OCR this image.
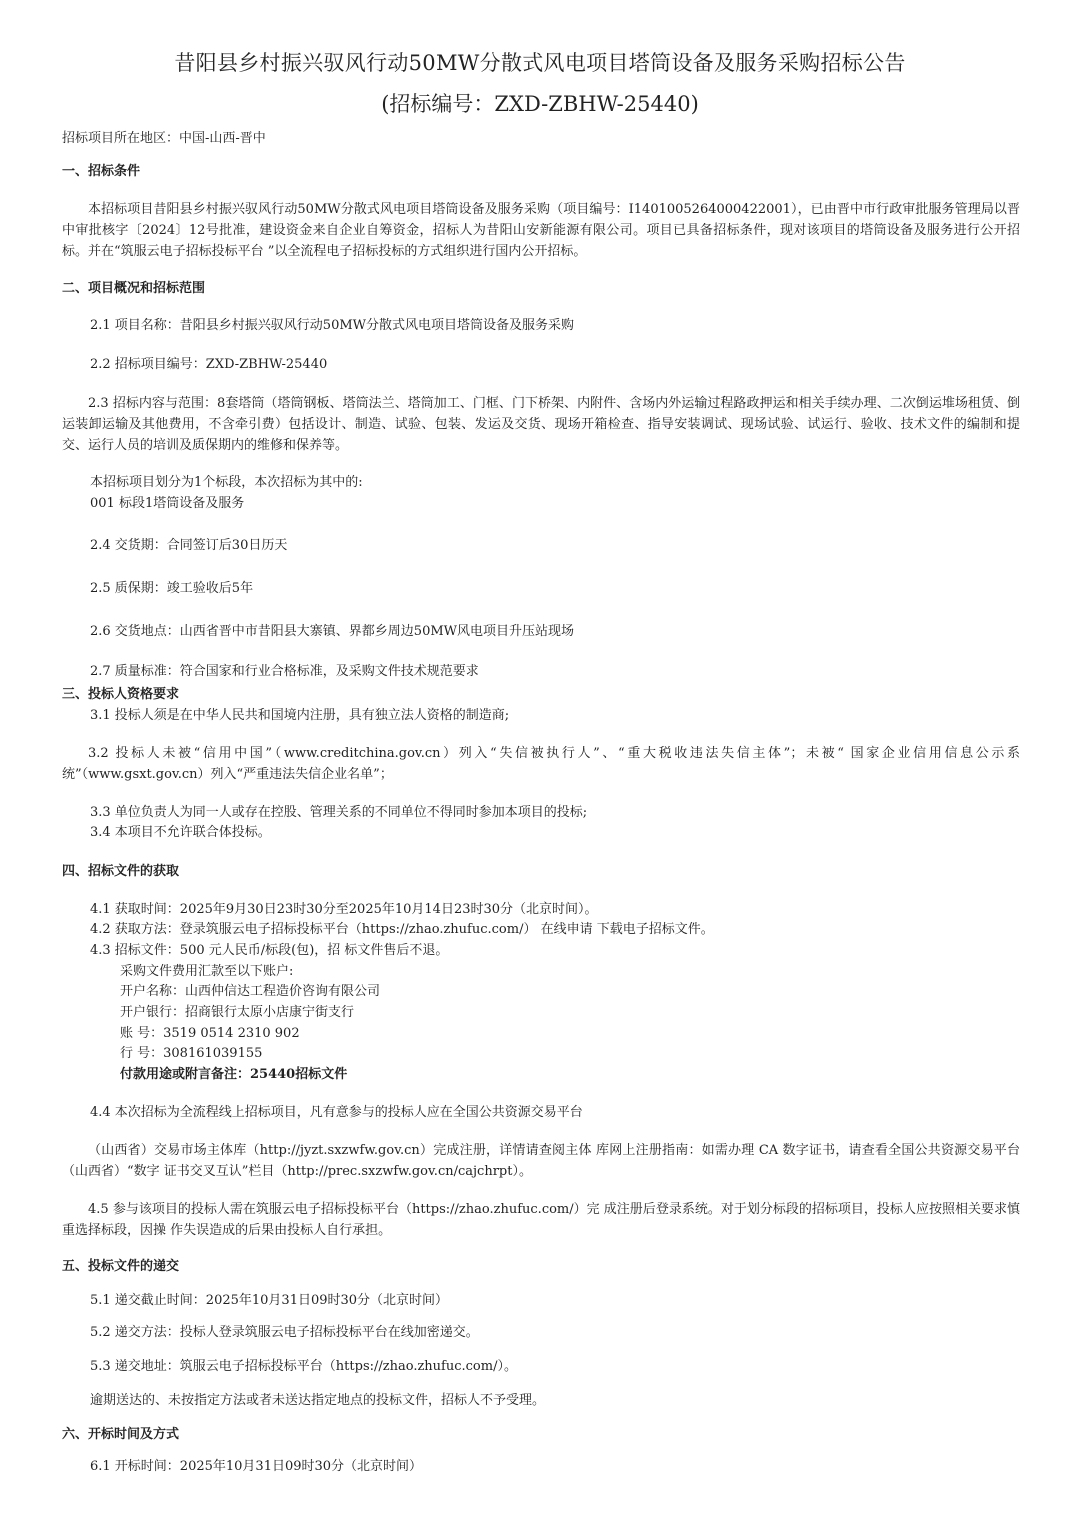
昔阳县乡村振兴驭风行动50MW分散式风电项目塔筒设备及服务采购招标公告
(招标编号：ZXD-ZBHW-25440)
招标项目所在地区：中国-山西-晋中
一、招标条件
本招标项目昔阳县乡村振兴驭风行动50MW分散式风电项目塔筒设备及服务采购（项目编号：I1401005264000422001），已由晋中市行政审批服务管理局以晋中审批核字〔2024〕12号批准，建设资金来自企业自筹资金，招标人为昔阳山安新能源有限公司。项目已具备招标条件，现对该项目的塔筒设备及服务进行公开招标。并在“筑服云电子招标投标平台 ”以全流程电子招标投标的方式组织进行国内公开招标。
二、项目概况和招标范围
2.1 项目名称：昔阳县乡村振兴驭风行动50MW分散式风电项目塔筒设备及服务采购
2.2 招标项目编号：ZXD-ZBHW-25440
2.3 招标内容与范围：8套塔筒（塔筒钢板、塔筒法兰、塔筒加工、门框、门下桥架、内附件、含场内外运输过程路政押运和相关手续办理、二次倒运堆场租赁、倒运装卸运输及其他费用，不含牵引费）包括设计、制造、试验、包装、发运及交货、现场开箱检查、指导安装调试、现场试验、试运行、验收、技术文件的编制和提交、运行人员的培训及质保期内的维修和保养等。
本招标项目划分为1个标段，本次招标为其中的:
001 标段1塔筒设备及服务
2.4 交货期：合同签订后30日历天
2.5 质保期：竣工验收后5年
2.6 交货地点：山西省晋中市昔阳县大寨镇、界都乡周边50MW风电项目升压站现场
2.7 质量标准：符合国家和行业合格标准，及采购文件技术规范要求
三、投标人资格要求
3.1 投标人须是在中华人民共和国境内注册，具有独立法人资格的制造商;
3.2 投标人未被“信用中国”（www.creditchina.gov.cn）列入“失信被执行人”、“重大税收违法失信主体”；未被“ 国家企业信用信息公示系统”（www.gsxt.gov.cn）列入“严重违法失信企业名单”；
3.3 单位负责人为同一人或存在控股、管理关系的不同单位不得同时参加本项目的投标;
3.4 本项目不允许联合体投标。
四、招标文件的获取
4.1 获取时间：2025年9月30日23时30分至2025年10月14日23时30分（北京时间）。
4.2 获取方法：登录筑服云电子招标投标平台（https://zhao.zhufuc.com/） 在线申请 下载电子招标文件。
4.3 招标文件：500 元人民币/标段(包)，招 标文件售后不退。
采购文件费用汇款至以下账户:
开户名称：山西仲信达工程造价咨询有限公司
开户银行：招商银行太原小店康宁街支行
账 号：3519 0514 2310 902
行 号：308161039155
付款用途或附言备注：25440招标文件
4.4 本次招标为全流程线上招标项目，凡有意参与的投标人应在全国公共资源交易平台
（山西省）交易市场主体库（http://jyzt.sxzwfw.gov.cn）完成注册，详情请查阅主体 库网上注册指南：如需办理 CA 数字证书，请查看全国公共资源交易平台（山西省）“数字 证书交叉互认”栏目（http://prec.sxzwfw.gov.cn/cajchrpt）。
4.5 参与该项目的投标人需在筑服云电子招标投标平台（https://zhao.zhufuc.com/）完 成注册后登录系统。对于划分标段的招标项目，投标人应按照相关要求慎重选择标段，因操 作失误造成的后果由投标人自行承担。
五、投标文件的递交
5.1 递交截止时间：2025年10月31日09时30分（北京时间）
5.2 递交方法：投标人登录筑服云电子招标投标平台在线加密递交。
5.3 递交地址：筑服云电子招标投标平台（https://zhao.zhufuc.com/）。
逾期送达的、未按指定方法或者未送达指定地点的投标文件，招标人不予受理。
六、开标时间及方式
6.1 开标时间：2025年10月31日09时30分（北京时间）
